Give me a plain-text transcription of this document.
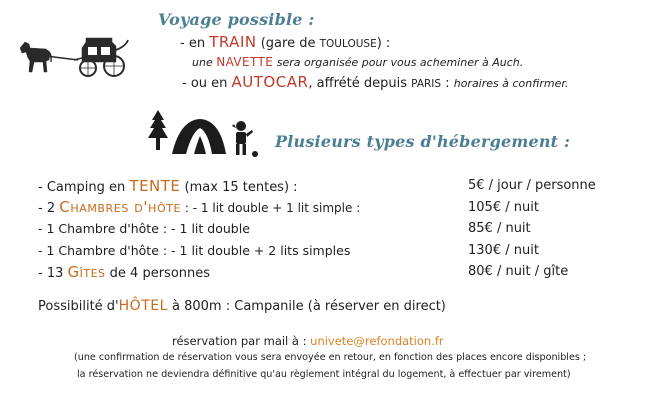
Voyage possible :
- en TRAIN (gare de TOULOUSE) :
une NAVETTE sera organisée pour vous acheminer à Auch.
- ou en AUTOCAR, affrété depuis PARIS : horaires à confirmer.
Plusieurs types d'hébergement :
- Camping en TENTE (max 15 tentes) :	5€ / jour / personne
- 2 Chambres d'hôte : - 1 lit double + 1 lit simple :	105€ / nuit
- 1 Chambre d'hôte : - 1 lit double	85€ / nuit
- 1 Chambre d'hôte : - 1 lit double + 2 lits simples	130€ / nuit
- 13 Gîtes de 4 personnes	80€ / nuit / gîte
Possibilité d'HÔTEL à 800m : Campanile (à réserver en direct)
réservation par mail à : univete@refondation.fr
(une confirmation de réservation vous sera envoyée en retour, en fonction des places encore disponibles ;
la réservation ne deviendra définitive qu'au règlement intégral du logement, à effectuer par virement)
